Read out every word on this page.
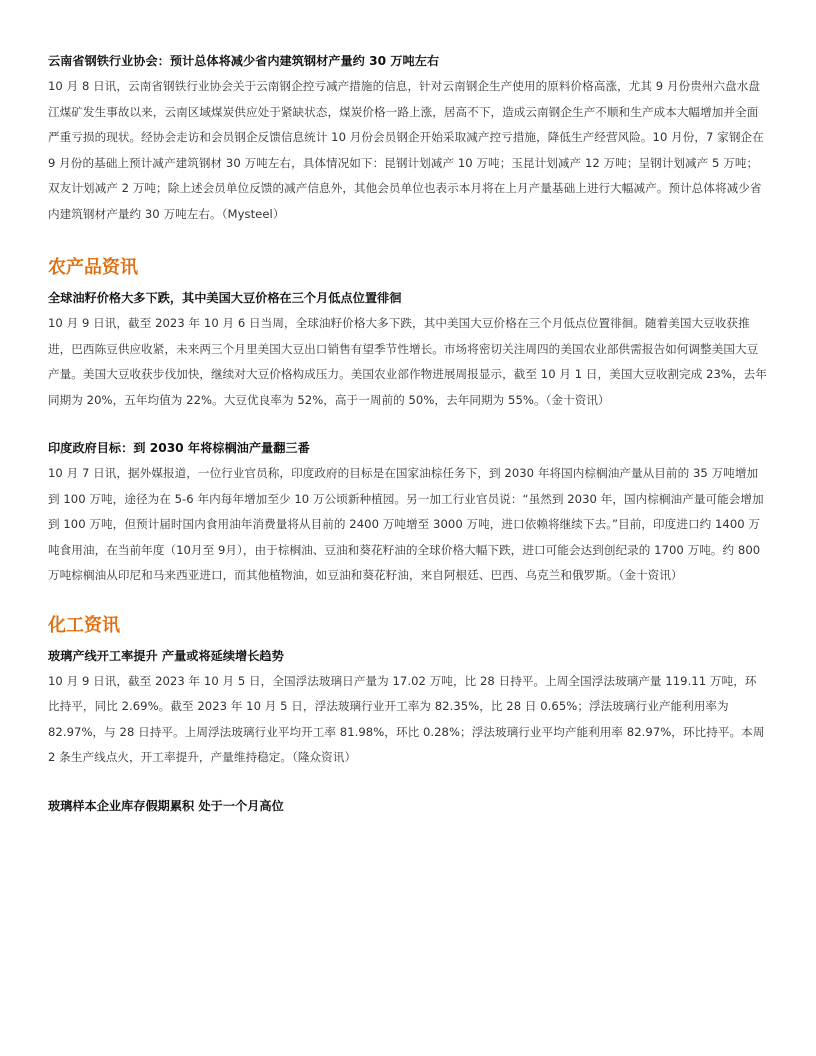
云南省钢铁行业协会：预计总体将减少省内建筑钢材产量约 30 万吨左右

10 月 8 日讯，云南省钢铁行业协会关于云南钢企控亏减产措施的信息，针对云南钢企生产使用的原料价格高涨，尤其 9 月份贵州六盘水盘江煤矿发生事故以来，云南区域煤炭供应处于紧缺状态，煤炭价格一路上涨，居高不下，造成云南钢企生产不顺和生产成本大幅增加并全面严重亏损的现状。经协会走访和会员钢企反馈信息统计 10 月份会员钢企开始采取减产控亏措施，降低生产经营风险。10 月份，7 家钢企在 9 月份的基础上预计减产建筑钢材 30 万吨左右，具体情况如下：昆钢计划减产 10 万吨；玉昆计划减产 12 万吨；呈钢计划减产 5 万吨；双友计划减产 2 万吨；除上述会员单位反馈的减产信息外，其他会员单位也表示本月将在上月产量基础上进行大幅减产。预计总体将减少省内建筑钢材产量约 30 万吨左右。（Mysteel）

农产品资讯
全球油籽价格大多下跌，其中美国大豆价格在三个月低点位置徘徊

10 月 9 日讯，截至 2023 年 10 月 6 日当周，全球油籽价格大多下跌，其中美国大豆价格在三个月低点位置徘徊。随着美国大豆收获推进，巴西陈豆供应收紧，未来两三个月里美国大豆出口销售有望季节性增长。市场将密切关注周四的美国农业部供需报告如何调整美国大豆产量。美国大豆收获步伐加快，继续对大豆价格构成压力。美国农业部作物进展周报显示，截至 10 月 1 日，美国大豆收割完成 23%，去年同期为 20%，五年均值为 22%。大豆优良率为 52%，高于一周前的 50%，去年同期为 55%。（金十资讯）

印度政府目标：到 2030 年将棕榈油产量翻三番

10 月 7 日讯，据外媒报道，一位行业官员称，印度政府的目标是在国家油棕任务下，到 2030 年将国内棕榈油产量从目前的 35 万吨增加到 100 万吨，途径为在 5-6 年内每年增加至少 10 万公顷新种植园。另一加工行业官员说：“虽然到 2030 年，国内棕榈油产量可能会增加到 100 万吨，但预计届时国内食用油年消费量将从目前的 2400 万吨增至 3000 万吨，进口依赖将继续下去。”目前，印度进口约 1400 万吨食用油，在当前年度（10月至 9月），由于棕榈油、豆油和葵花籽油的全球价格大幅下跌，进口可能会达到创纪录的 1700 万吨。约 800 万吨棕榈油从印尼和马来西亚进口，而其他植物油，如豆油和葵花籽油，来自阿根廷、巴西、乌克兰和俄罗斯。（金十资讯）

化工资讯
玻璃产线开工率提升 产量或将延续增长趋势

10 月 9 日讯，截至 2023 年 10 月 5 日，全国浮法玻璃日产量为 17.02 万吨，比 28 日持平。上周全国浮法玻璃产量 119.11 万吨，环比持平，同比 2.69%。截至 2023 年 10 月 5 日，浮法玻璃行业开工率为 82.35%，比 28 日 0.65%；浮法玻璃行业产能利用率为 82.97%，与 28 日持平。上周浮法玻璃行业平均开工率 81.98%，环比 0.28%；浮法玻璃行业平均产能利用率 82.97%，环比持平。本周 2 条生产线点火，开工率提升，产量维持稳定。（隆众资讯）

玻璃样本企业库存假期累积 处于一个月高位
